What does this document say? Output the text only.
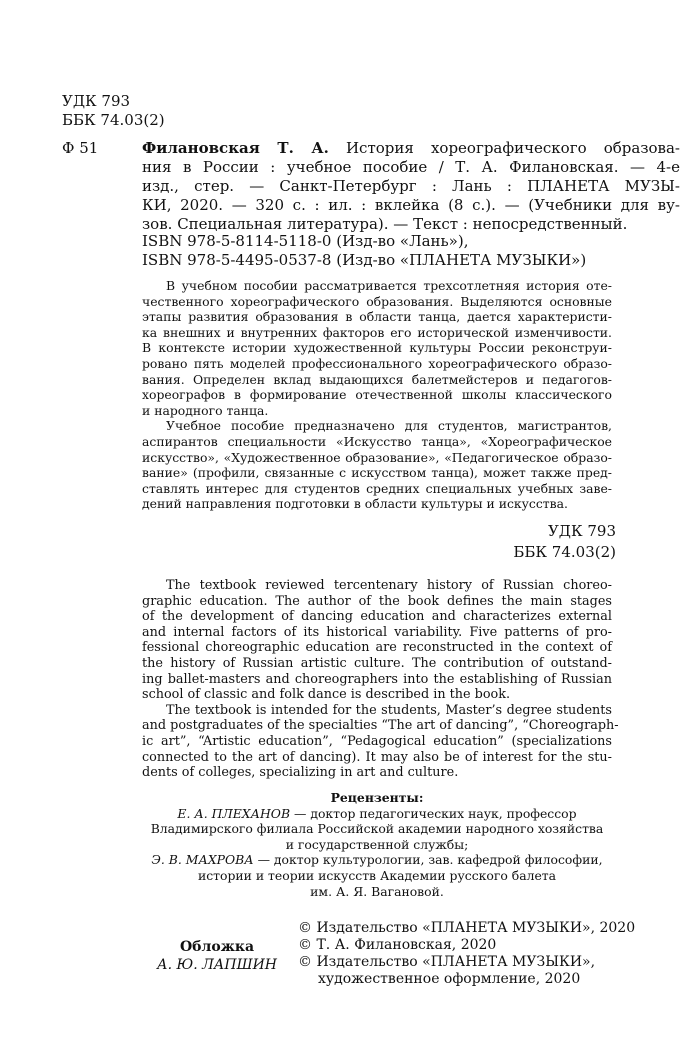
УДК 793
ББК 74.03(2)
Ф 51	Филановская Т. А. История хореографического образова-
ния в России : учебное пособие / Т. А. Филановская. — 4-е
изд., стер. — Санкт-Петербург : Лань : ПЛАНЕТА МУЗЫ-
КИ, 2020. — 320 с. : ил. : вклейка (8 с.). — (Учебники для ву-
зов. Специальная литература). — Текст : непосредственный.
ISBN 978-5-8114-5118-0 (Изд-во «Лань»),
ISBN 978-5-4495-0537-8 (Изд-во «ПЛАНЕТА МУЗЫКИ»)
В учебном пособии рассматривается трехсотлетняя история оте-
чественного хореографического образования. Выделяются основные
этапы развития образования в области танца, дается характеристи-
ка внешних и внутренних факторов его исторической изменчивости.
В контексте истории художественной культуры России реконструи-
ровано пять моделей профессионального хореографического образо-
вания. Определен вклад выдающихся балетмейстеров и педагогов-
хореографов в формирование отечественной школы классического
и народного танца.
Учебное пособие предназначено для студентов, магистрантов,
аспирантов специальности «Искусство танца», «Хореографическое
искусство», «Художественное образование», «Педагогическое образо-
вание» (профили, связанные с искусством танца), может также пред-
ставлять интерес для студентов средних специальных учебных заве-
дений направления подготовки в области культуры и искусства.
УДК 793
ББК 74.03(2)
The textbook reviewed tercentenary history of Russian choreo-
graphic education. The author of the book defines the main stages
of the development of dancing education and characterizes external
and internal factors of its historical variability. Five patterns of pro-
fessional choreographic education are reconstructed in the context of
the history of Russian artistic culture. The contribution of outstand-
ing ballet-masters and choreographers into the establishing of Russian
school of classic and folk dance is described in the book.
The textbook is intended for the students, Master’s degree students
and postgraduates of the specialties “The art of dancing”, “Choreograph-
ic art”, “Artistic education”, “Pedagogical education” (specializations
connected to the art of dancing). It may also be of interest for the stu-
dents of colleges, specializing in art and culture.
Рецензенты:
Е. А. ПЛЕХАНОВ — доктор педагогических наук, профессор
Владимирского филиала Российской академии народного хозяйства
и государственной службы;
Э. В. МАХРОВА — доктор культурологии, зав. кафедрой философии,
истории и теории искусств Академии русского балета
им. А. Я. Вагановой.
Обложка
А. Ю. ЛАПШИН
© Издательство «ПЛАНЕТА МУЗЫКИ», 2020
© Т. А. Филановская, 2020
© Издательство «ПЛАНЕТА МУЗЫКИ»,
художественное оформление, 2020
